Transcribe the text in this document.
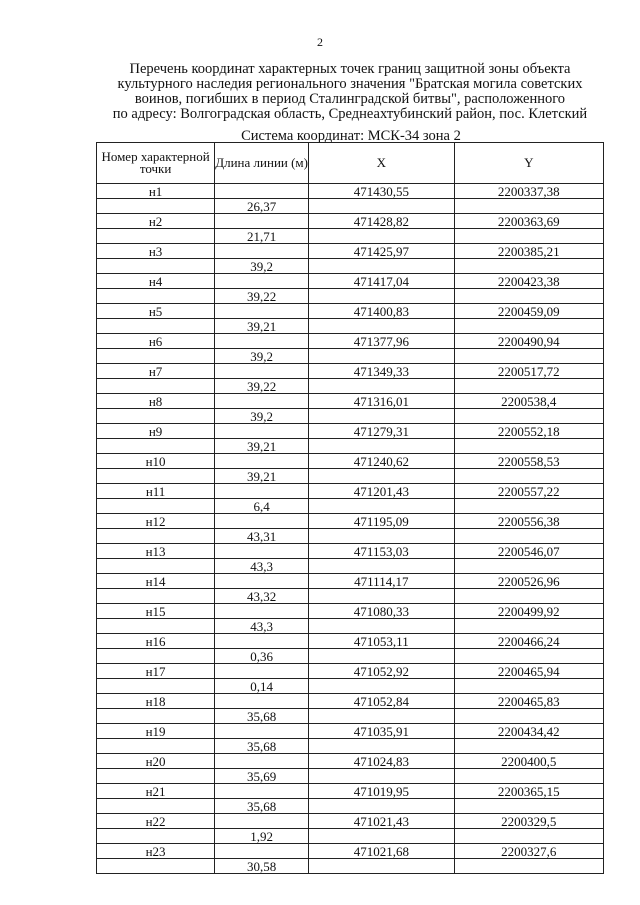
2
Перечень координат характерных точек границ защитной зоны объекта
культурного наследия регионального значения "Братская могила советских
воинов, погибших в период Сталинградской битвы", расположенного
по адресу: Волгоградская область, Среднеахтубинский район, пос. Клетский
Система координат: МСК-34 зона 2
Номер характерной точки	Длина линии (м)	X	Y
н1		471430,55	2200337,38
	26,37		
н2		471428,82	2200363,69
	21,71		
н3		471425,97	2200385,21
	39,2		
н4		471417,04	2200423,38
	39,22		
н5		471400,83	2200459,09
	39,21		
н6		471377,96	2200490,94
	39,2		
н7		471349,33	2200517,72
	39,22		
н8		471316,01	2200538,4
	39,2		
н9		471279,31	2200552,18
	39,21		
н10		471240,62	2200558,53
	39,21		
н11		471201,43	2200557,22
	6,4		
н12		471195,09	2200556,38
	43,31		
н13		471153,03	2200546,07
	43,3		
н14		471114,17	2200526,96
	43,32		
н15		471080,33	2200499,92
	43,3		
н16		471053,11	2200466,24
	0,36		
н17		471052,92	2200465,94
	0,14		
н18		471052,84	2200465,83
	35,68		
н19		471035,91	2200434,42
	35,68		
н20		471024,83	2200400,5
	35,69		
н21		471019,95	2200365,15
	35,68		
н22		471021,43	2200329,5
	1,92		
н23		471021,68	2200327,6
	30,58		
